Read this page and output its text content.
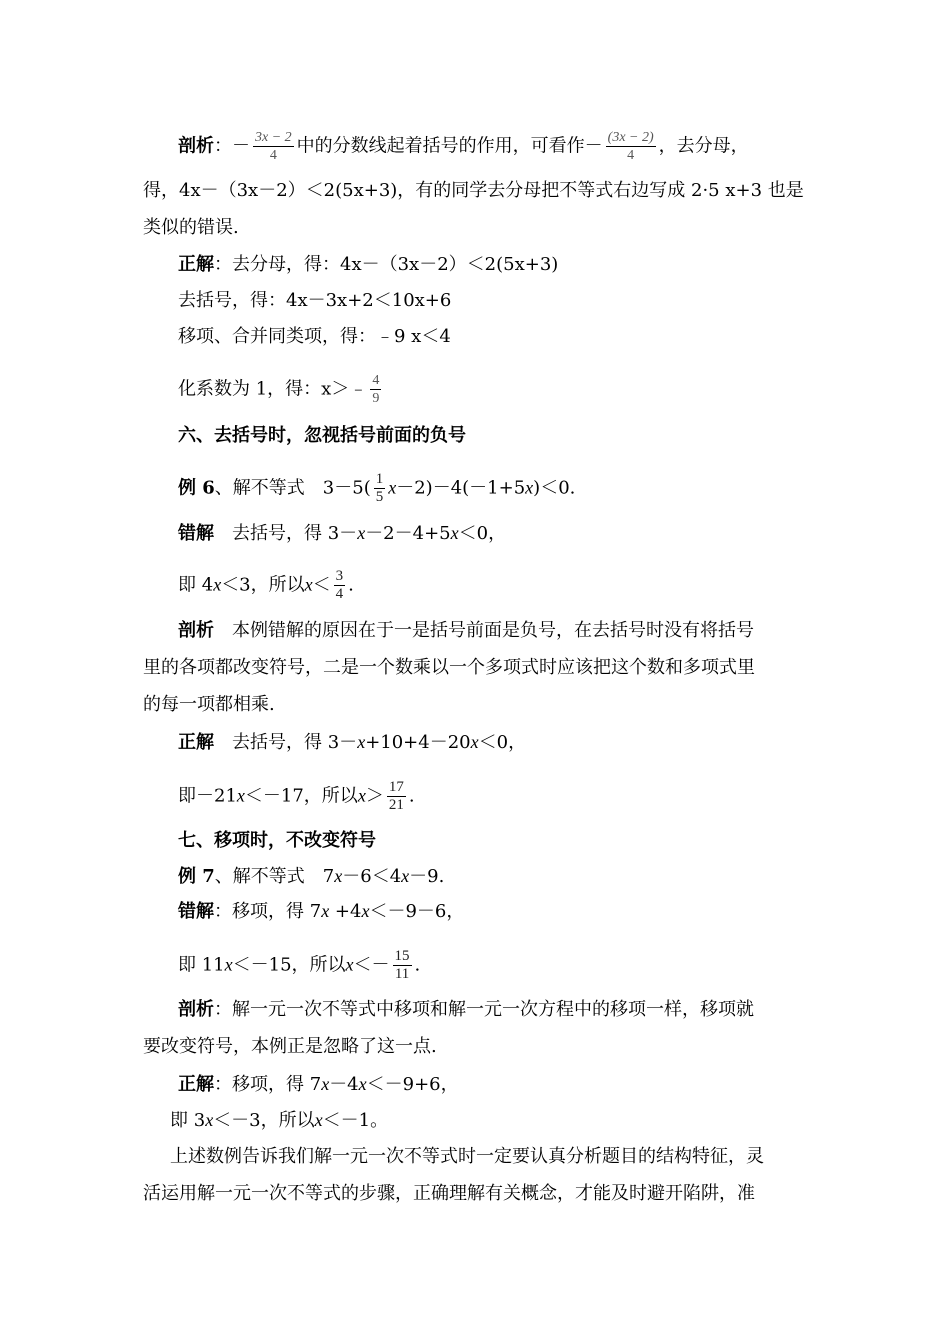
剖析：－ $\frac{3x - 2}{4}$ 中的分数线起着括号的作用，可看作－ $\frac{(3x - 2)}{4}$ ，去分母，
得，4x－（3x－2）＜2(5x+3)，有的同学去分母把不等式右边写成 2·5 x+3 也是
类似的错误.
正解：去分母，得：4x－（3x－2）＜2(5x+3)
去括号，得：4x－3x+2＜10x+6
移项、合并同类项，得：﹣9 x＜4
化系数为 1，得：x＞﹣ $\frac{4}{9}$
六、去括号时，忽视括号前面的负号
例 6、解不等式　$3-5( \frac{1}{5} x-2)-4(-1+5x)<0$.
错解　去括号，得 3－x－2－4+5x＜0，
即 4x＜3，所以$x< \frac{3}{4}$ .
剖析　本例错解的原因在于一是括号前面是负号，在去括号时没有将括号
里的各项都改变符号，二是一个数乘以一个多项式时应该把这个数和多项式里
的每一项都相乘.
正解　去括号，得 3－x+10+4－20x＜0，
即－21x＜－17，所以$x> \frac{17}{21}$ .
七、移项时，不改变符号
例 7、解不等式　7x－6＜4x－9.
错解：移项，得 7x +4x＜－9－6，
即 11x＜－15，所以$x<- \frac{15}{11}$ .
剖析：解一元一次不等式中移项和解一元一次方程中的移项一样，移项就
要改变符号，本例正是忽略了这一点.
正解：移项，得 7x－4x＜－9+6，
即 3x＜－3，所以x＜－1。
上述数例告诉我们解一元一次不等式时一定要认真分析题目的结构特征，灵
活运用解一元一次不等式的步骤，正确理解有关概念，才能及时避开陷阱，准
